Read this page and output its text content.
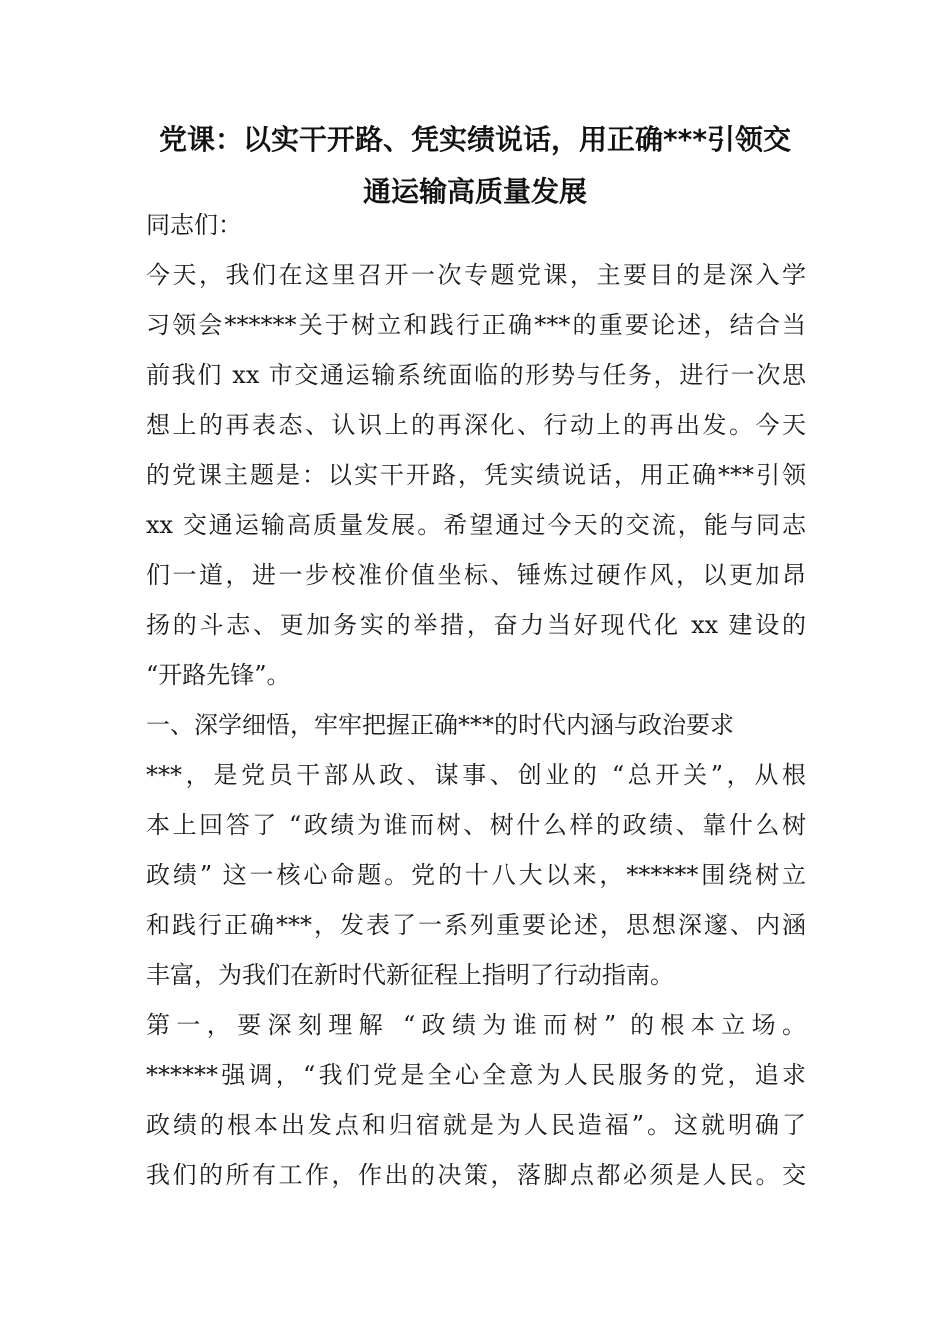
党课：以实干开路、凭实绩说话，用正确***引领交
通运输高质量发展
同志们：
今天，我们在这里召开一次专题党课，主要目的是深入学
习领会******关于树立和践行正确***的重要论述，结合当
前我们 xx 市交通运输系统面临的形势与任务，进行一次思
想上的再表态、认识上的再深化、行动上的再出发。今天
的党课主题是：以实干开路，凭实绩说话，用正确***引领
xx 交通运输高质量发展。希望通过今天的交流，能与同志
们一道，进一步校准价值坐标、锤炼过硬作风，以更加昂
扬的斗志、更加务实的举措，奋力当好现代化 xx 建设的
“开路先锋”。
一、深学细悟，牢牢把握正确***的时代内涵与政治要求
***，是党员干部从政、谋事、创业的 “总开关”，从根
本上回答了 “政绩为谁而树、树什么样的政绩、靠什么树
政绩” 这一核心命题。党的十八大以来，******围绕树立
和践行正确***，发表了一系列重要论述，思想深邃、内涵
丰富，为我们在新时代新征程上指明了行动指南。
第一，要深刻理解 “政绩为谁而树” 的根本立场。
******强调，“我们党是全心全意为人民服务的党，追求
政绩的根本出发点和归宿就是为人民造福”。这就明确了
我们的所有工作，作出的决策，落脚点都必须是人民。交
